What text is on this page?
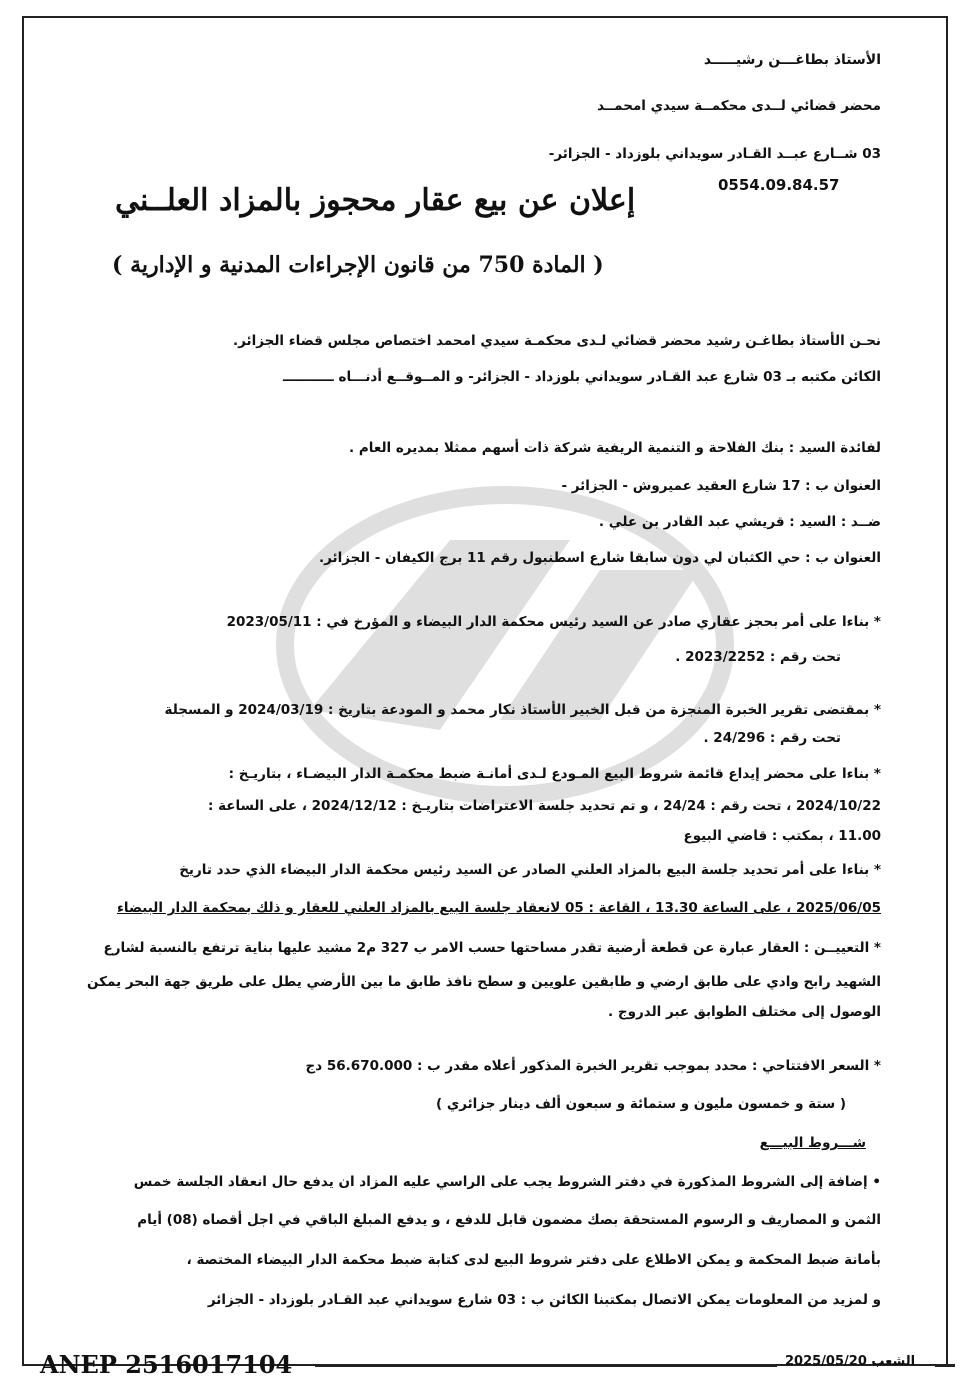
الأستاذ بطاغـــن رشيـــــد
محضر قضائي لــدى محكمــة سيدي امحمــد
03 شــارع عبــد القـادر سويداني بلوزداد - الجزائر-
0554.09.84.57
إعلان عن بيع عقار محجوز بالمزاد العلــني
( المادة 750 من قانون الإجراءات المدنية و الإدارية )
نحـن الأستاذ بطاغـن رشيد محضر قضائي لـدى محكمـة سيدي امحمد اختصاص مجلس قضاء الجزائر.
الكائن مكتبه بـ 03 شارع عبد القـادر سويداني بلوزداد - الجزائر- و المــوقــع أدنـــاه ـــــــــــ
لفائدة السيد : بنك الفلاحة و التنمية الريفية شركة ذات أسهم ممثلا بمديره العام .
العنوان ب : 17 شارع العقيد عميروش - الجزائر -
ضــد : السيد : قريشي عبد القادر بن علي .
العنوان ب : حي الكثبان لي دون سابقا شارع اسطنبول رقم 11 برج الكيفان - الجزائر.
* بناءا على أمر بحجز عقاري صادر عن السيد رئيس محكمة الدار البيضاء و المؤرخ في : 2023/05/11
تحت رقم : 2023/2252 .
* بمقتضى تقرير الخبرة المنجزة من قبل الخبير الأستاذ نكار محمد و المودعة بتاريخ : 2024/03/19 و المسجلة
تحت رقم : 24/296 .
* بناءا على محضر إيداع قائمة شروط البيع المـودع لـدى أمانـة ضبط محكمـة الدار البيضـاء ، بتاريـخ :
2024/10/22 ، تحت رقم : 24/24 ، و تم تحديد جلسة الاعتراضات بتاريـخ : 2024/12/12 ، على الساعة :
11.00 ، بمكتب : قاضي البيوع
* بناءا على أمر تحديد جلسة البيع بالمزاد العلني الصادر عن السيد رئيس محكمة الدار البيضاء الذي حدد تاريخ
2025/06/05 ، على الساعة 13.30 ، القاعة : 05 لانعقاد جلسة البيع بالمزاد العلني للعقار و ذلك بمحكمة الدار البيضاء
* التعييــن : العقار عبارة عن قطعة أرضية تقدر مساحتها حسب الامر ب 327 م2 مشيد عليها بناية ترتفع بالنسبة لشارع
الشهيد رابح وادي على طابق ارضي و طابقين علويين و سطح نافذ طابق ما بين الأرضي يطل على طريق جهة البحر يمكن
الوصول إلى مختلف الطوابق عبر الدروج .
* السعر الافتتاحي : محدد بموجب تقرير الخبرة المذكور أعلاه مقدر ب : 56.670.000 دج
( ستة و خمسون مليون و ستمائة و سبعون ألف دينار جزائري )
شـــروط البيـــع
• إضافة إلى الشروط المذكورة في دفتر الشروط يجب على الراسي عليه المزاد ان يدفع حال انعقاد الجلسة خمس
الثمن و المصاريف و الرسوم المستحقة بصك مضمون قابل للدفع ، و يدفع المبلغ الباقي في اجل أقصاه (08) أيام
بأمانة ضبط المحكمة و يمكن الاطلاع على دفتر شروط البيع لدى كتابة ضبط محكمة الدار البيضاء المختصة ،
و لمزيد من المعلومات يمكن الاتصال بمكتبنا الكائن ب : 03 شارع سويداني عبد القـادر بلوزداد - الجزائر
ANEP 2516017104	الشعب 2025/05/20
